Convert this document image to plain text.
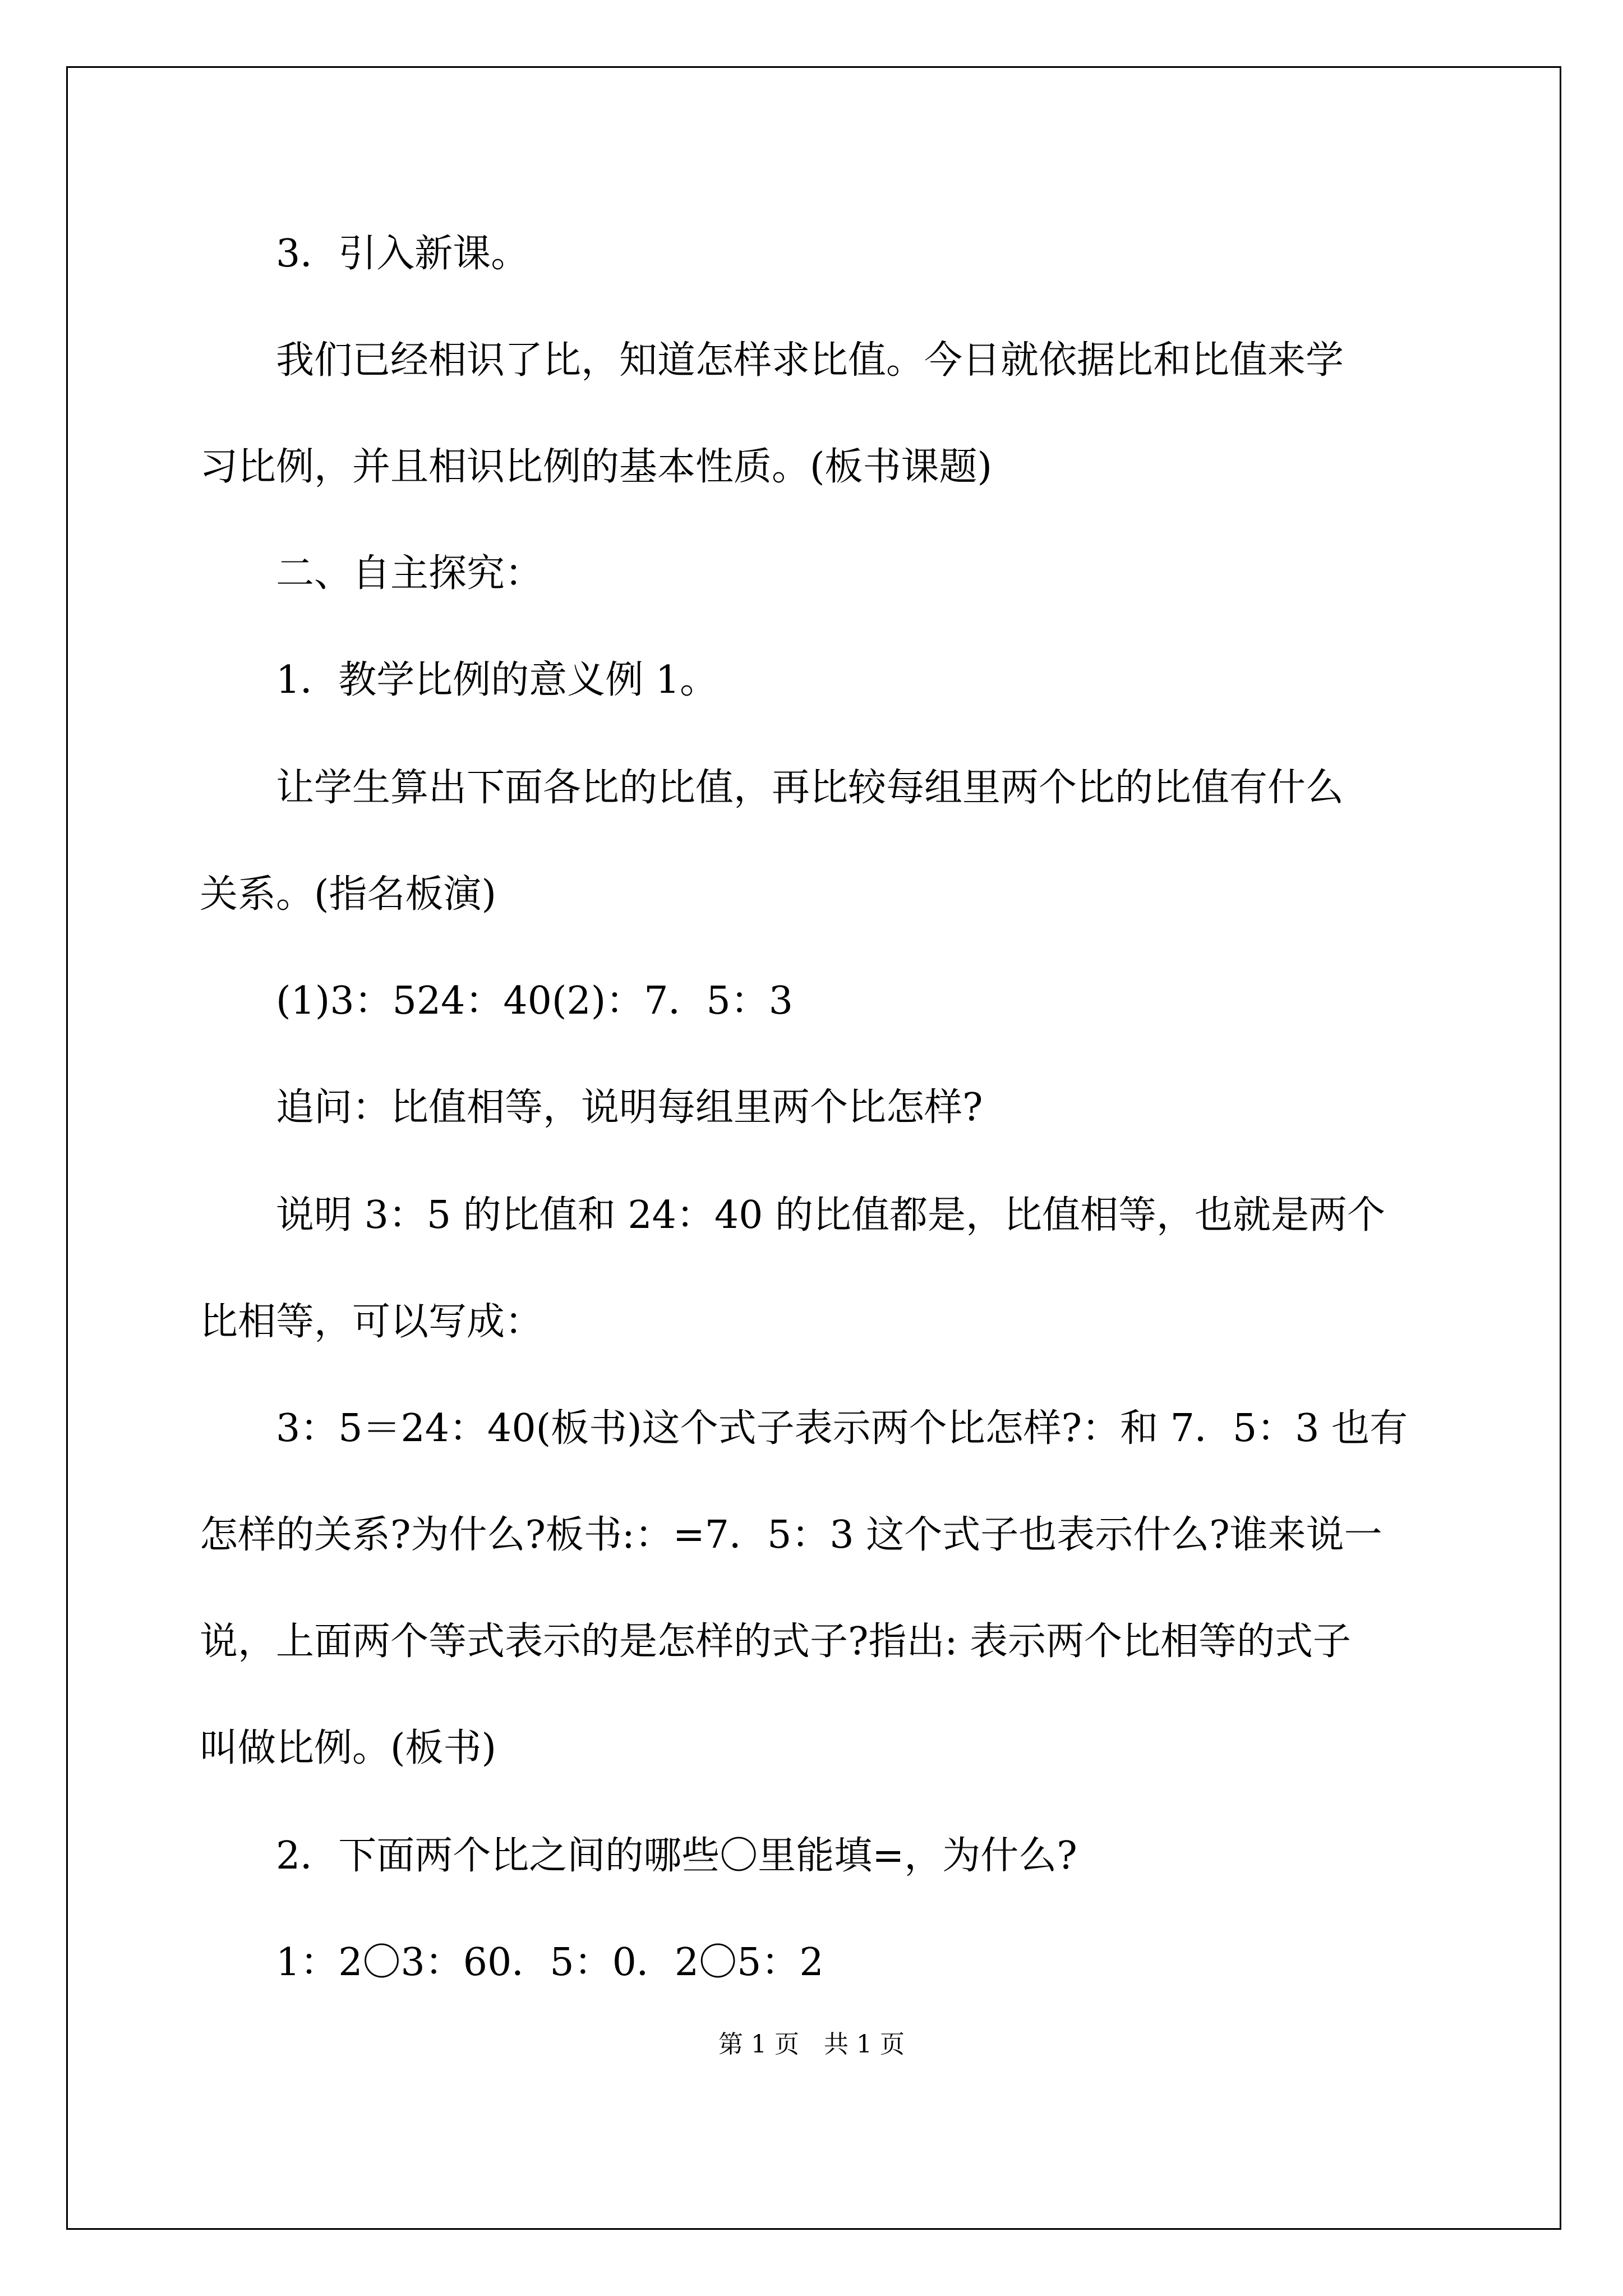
3．引入新课。

我们已经相识了比，知道怎样求比值。今日就依据比和比值来学

习比例，并且相识比例的基本性质。(板书课题)

二、自主探究：

1．教学比例的意义例 1。

让学生算出下面各比的比值，再比较每组里两个比的比值有什么

关系。(指名板演)

(1)3：524：40(2)：7．5：3

追问：比值相等，说明每组里两个比怎样?

说明 3：5 的比值和 24：40 的比值都是，比值相等，也就是两个

比相等，可以写成：

3：5＝24：40(板书)这个式子表示两个比怎样?：和 7．5：3 也有

怎样的关系?为什么?板书:：=7．5：3 这个式子也表示什么?谁来说一

说，上面两个等式表示的是怎样的式子?指出: 表示两个比相等的式子

叫做比例。(板书)

2．下面两个比之间的哪些〇里能填=，为什么?

1：2〇3：60．5：0．2〇5：2

第 1 页　共 1 页
